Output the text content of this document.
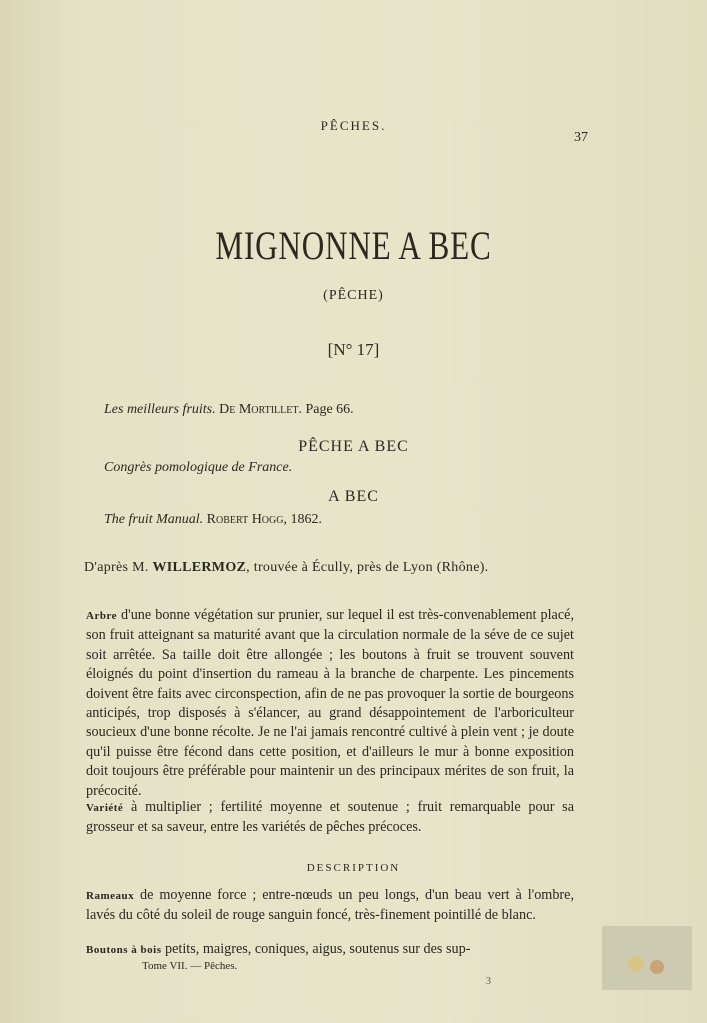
PÊCHES.
37
MIGNONNE A BEC
(PÊCHE)
[N° 17]
Les meilleurs fruits. De Mortillet. Page 66.
PÊCHE A BEC
Congrès pomologique de France.
A BEC
The fruit Manual. Robert Hogg, 1862.
D'après M. WILLERMOZ, trouvée à Écully, près de Lyon (Rhône).
Arbre d'une bonne végétation sur prunier, sur lequel il est très-convenablement placé, son fruit atteignant sa maturité avant que la circulation normale de la séve de ce sujet soit arrêtée. Sa taille doit être allongée ; les boutons à fruit se trouvent souvent éloignés du point d'insertion du rameau à la branche de charpente. Les pincements doivent être faits avec circonspection, afin de ne pas provoquer la sortie de bourgeons anticipés, trop disposés à s'élancer, au grand désappointement de l'arboriculteur soucieux d'une bonne récolte. Je ne l'ai jamais rencontré cultivé à plein vent ; je doute qu'il puisse être fécond dans cette position, et d'ailleurs le mur à bonne exposition doit toujours être préférable pour maintenir un des principaux mérites de son fruit, la précocité.
Variété à multiplier ; fertilité moyenne et soutenue ; fruit remarquable pour sa grosseur et sa saveur, entre les variétés de pêches précoces.
DESCRIPTION
Rameaux de moyenne force ; entre-nœuds un peu longs, d'un beau vert à l'ombre, lavés du côté du soleil de rouge sanguin foncé, très-finement pointillé de blanc.
Boutons à bois petits, maigres, coniques, aigus, soutenus sur des sup-
Tome VII. — Pêches.
3
